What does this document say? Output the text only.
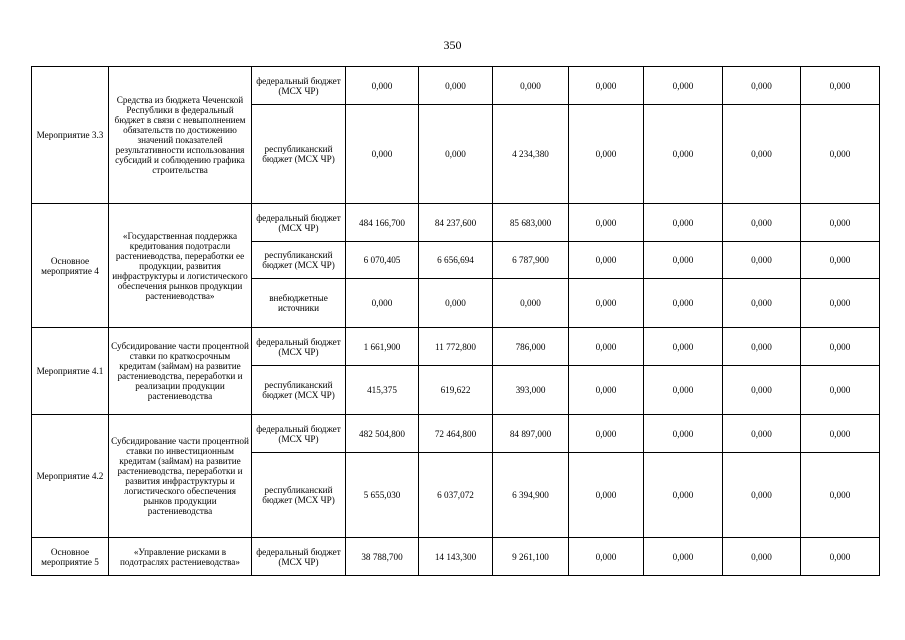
350
Мероприятие 3.3	Средства из бюджета Чеченской Республики в федеральный бюджет в связи с невыполнением обязательств по достижению значений показателей результативности использования субсидий и соблюдению графика строительства	федеральный бюджет (МСХ ЧР)	0,000	0,000	0,000	0,000	0,000	0,000	0,000
		республиканский бюджет (МСХ ЧР)	0,000	0,000	4 234,380	0,000	0,000	0,000	0,000
Основное мероприятие 4	«Государственная поддержка кредитования подотрасли растениеводства, переработки ее продукции, развития инфраструктуры и логистического обеспечения рынков продукции растениеводства»	федеральный бюджет (МСХ ЧР)	484 166,700	84 237,600	85 683,000	0,000	0,000	0,000	0,000
		республиканский бюджет (МСХ ЧР)	6 070,405	6 656,694	6 787,900	0,000	0,000	0,000	0,000
		внебюджетные источники	0,000	0,000	0,000	0,000	0,000	0,000	0,000
Мероприятие 4.1	Субсидирование части процентной ставки по краткосрочным кредитам (займам) на развитие растениеводства, переработки и реализации продукции растениеводства	федеральный бюджет (МСХ ЧР)	1 661,900	11 772,800	786,000	0,000	0,000	0,000	0,000
		республиканский бюджет (МСХ ЧР)	415,375	619,622	393,000	0,000	0,000	0,000	0,000
Мероприятие 4.2	Субсидирование части процентной ставки по инвестиционным кредитам (займам) на развитие растениеводства, переработки и развития инфраструктуры и логистического обеспечения рынков продукции растениеводства	федеральный бюджет (МСХ ЧР)	482 504,800	72 464,800	84 897,000	0,000	0,000	0,000	0,000
		республиканский бюджет (МСХ ЧР)	5 655,030	6 037,072	6 394,900	0,000	0,000	0,000	0,000
Основное мероприятие 5	«Управление рисками в подотраслях растениеводства»	федеральный бюджет (МСХ ЧР)	38 788,700	14 143,300	9 261,100	0,000	0,000	0,000	0,000
